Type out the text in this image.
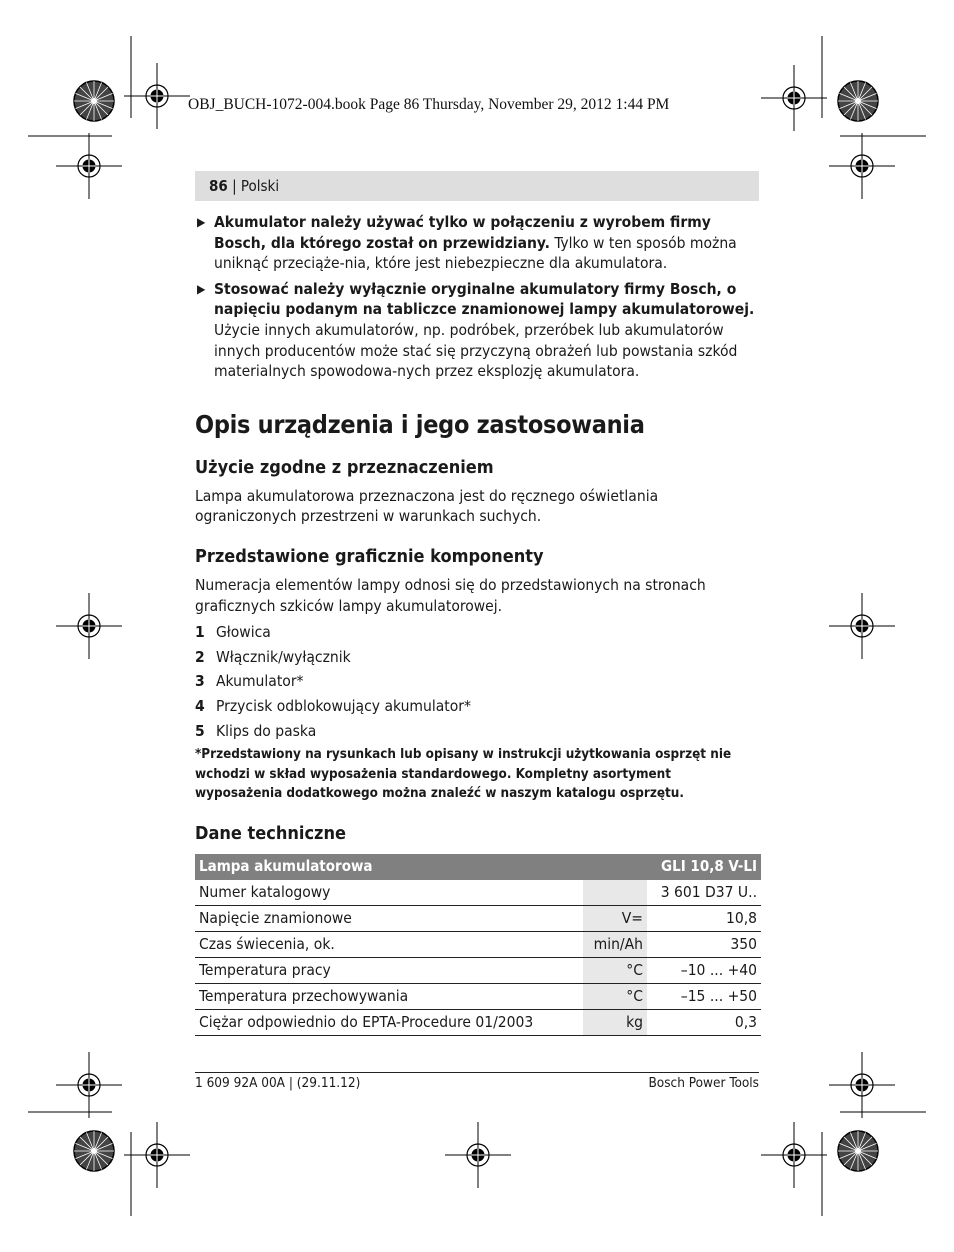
OBJ_BUCH-1072-004.book Page 86 Thursday, November 29, 2012 1:44 PM
86 | Polski
▶ Akumulator należy używać tylko w połączeniu z wyrobem firmy Bosch, dla którego został on przewidziany. Tylko w ten sposób można uniknąć przeciąże-nia, które jest niebezpieczne dla akumulatora.
▶ Stosować należy wyłącznie oryginalne akumulatory firmy Bosch, o napięciu podanym na tabliczce znamionowej lampy akumulatorowej. Użycie innych akumulatorów, np. podróbek, przeróbek lub akumulatorów innych producentów może stać się przyczyną obrażeń lub powstania szkód materialnych spowodowa-nych przez eksplozję akumulatora.
Opis urządzenia i jego zastosowania
Użycie zgodne z przeznaczeniem

Lampa akumulatorowa przeznaczona jest do ręcznego oświetlania ograniczonych przestrzeni w warunkach suchych.

Przedstawione graficznie komponenty

Numeracja elementów lampy odnosi się do przedstawionych na stronach graficznych szkiców lampy akumulatorowej.

1 Głowica
2 Włącznik/wyłącznik
3 Akumulator*
4 Przycisk odblokowujący akumulator*
5 Klips do paska

*Przedstawiony na rysunkach lub opisany w instrukcji użytkowania osprzęt nie wchodzi w skład wyposażenia standardowego. Kompletny asortyment wyposażenia dodatkowego można znaleźć w naszym katalogu osprzętu.

Dane techniczne
Lampa akumulatorowa		GLI 10,8 V-LI
Numer katalogowy		3 601 D37 U..
Napięcie znamionowe	V=	10,8
Czas świecenia, ok.	min/Ah	350
Temperatura pracy	°C	–10 ... +40
Temperatura przechowywania	°C	–15 ... +50
Ciężar odpowiednio do EPTA-Procedure 01/2003	kg	0,3
1 609 92A 00A | (29.11.12)	Bosch Power Tools
